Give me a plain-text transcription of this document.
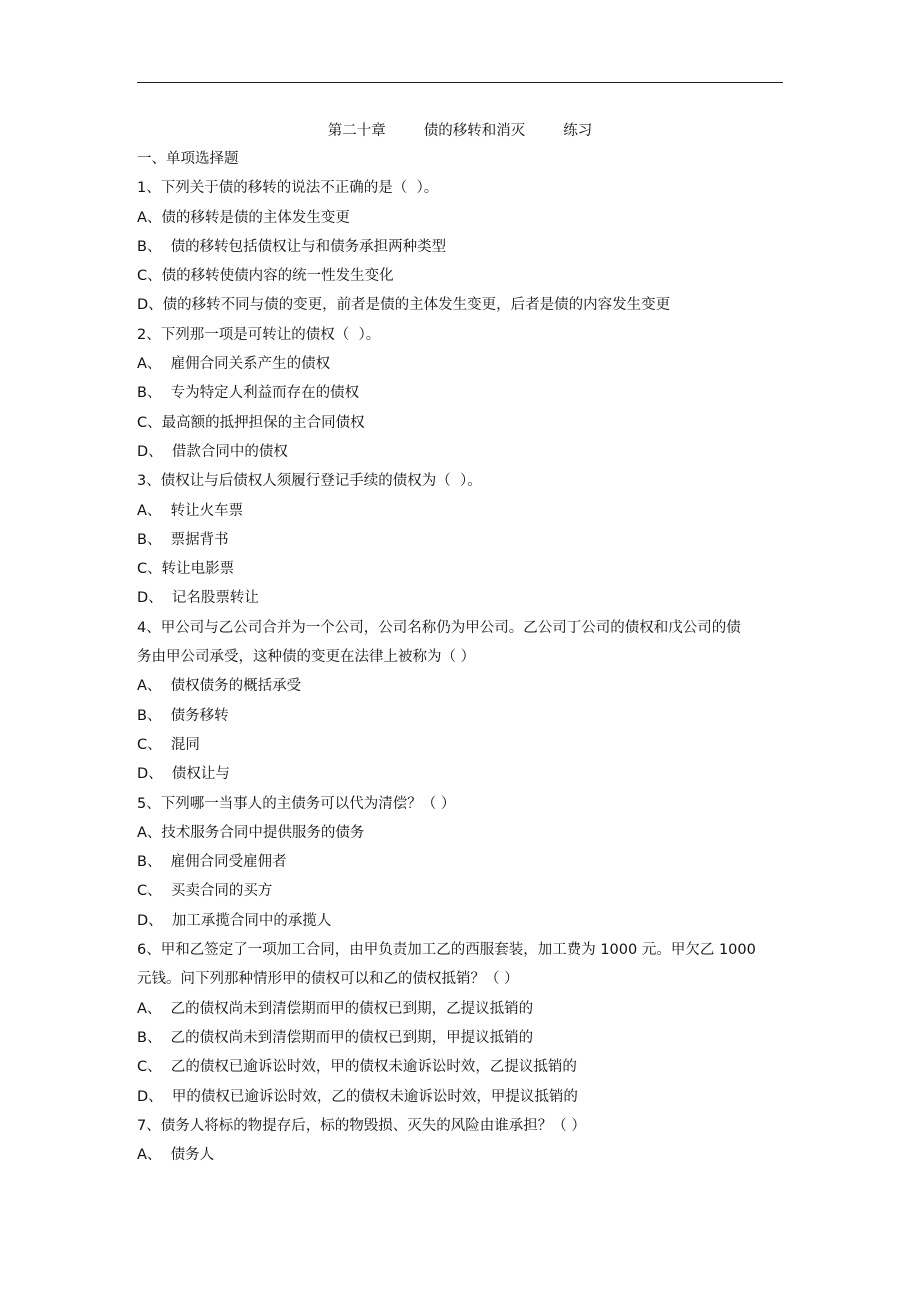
第二十章	债的移转和消灭	练习
一、单项选择题
1、下列关于债的移转的说法不正确的是（  ）。
A、债的移转是债的主体发生变更
B、  债的移转包括债权让与和债务承担两种类型
C、债的移转使债内容的统一性发生变化
D、债的移转不同与债的变更，前者是债的主体发生变更，后者是债的内容发生变更
2、下列那一项是可转让的债权（  ）。
A、  雇佣合同关系产生的债权
B、  专为特定人利益而存在的债权
C、最高额的抵押担保的主合同债权
D、  借款合同中的债权
3、债权让与后债权人须履行登记手续的债权为（  ）。
A、  转让火车票
B、  票据背书
C、转让电影票
D、  记名股票转让
4、甲公司与乙公司合并为一个公司，公司名称仍为甲公司。乙公司丁公司的债权和戊公司的债
务由甲公司承受，这种债的变更在法律上被称为（ ）
A、  债权债务的概括承受
B、  债务移转
C、  混同
D、  债权让与
5、下列哪一当事人的主债务可以代为清偿？（ ）
A、技术服务合同中提供服务的债务
B、  雇佣合同受雇佣者
C、  买卖合同的买方
D、  加工承揽合同中的承揽人
6、甲和乙签定了一项加工合同，由甲负责加工乙的西服套装，加工费为 1000 元。甲欠乙 1000
元钱。问下列那种情形甲的债权可以和乙的债权抵销？（ ）
A、  乙的债权尚未到清偿期而甲的债权已到期，乙提议抵销的
B、  乙的债权尚未到清偿期而甲的债权已到期，甲提议抵销的
C、  乙的债权已逾诉讼时效，甲的债权未逾诉讼时效，乙提议抵销的
D、  甲的债权已逾诉讼时效，乙的债权未逾诉讼时效，甲提议抵销的
7、债务人将标的物提存后，标的物毁损、灭失的风险由谁承担？（ ）
A、  债务人
